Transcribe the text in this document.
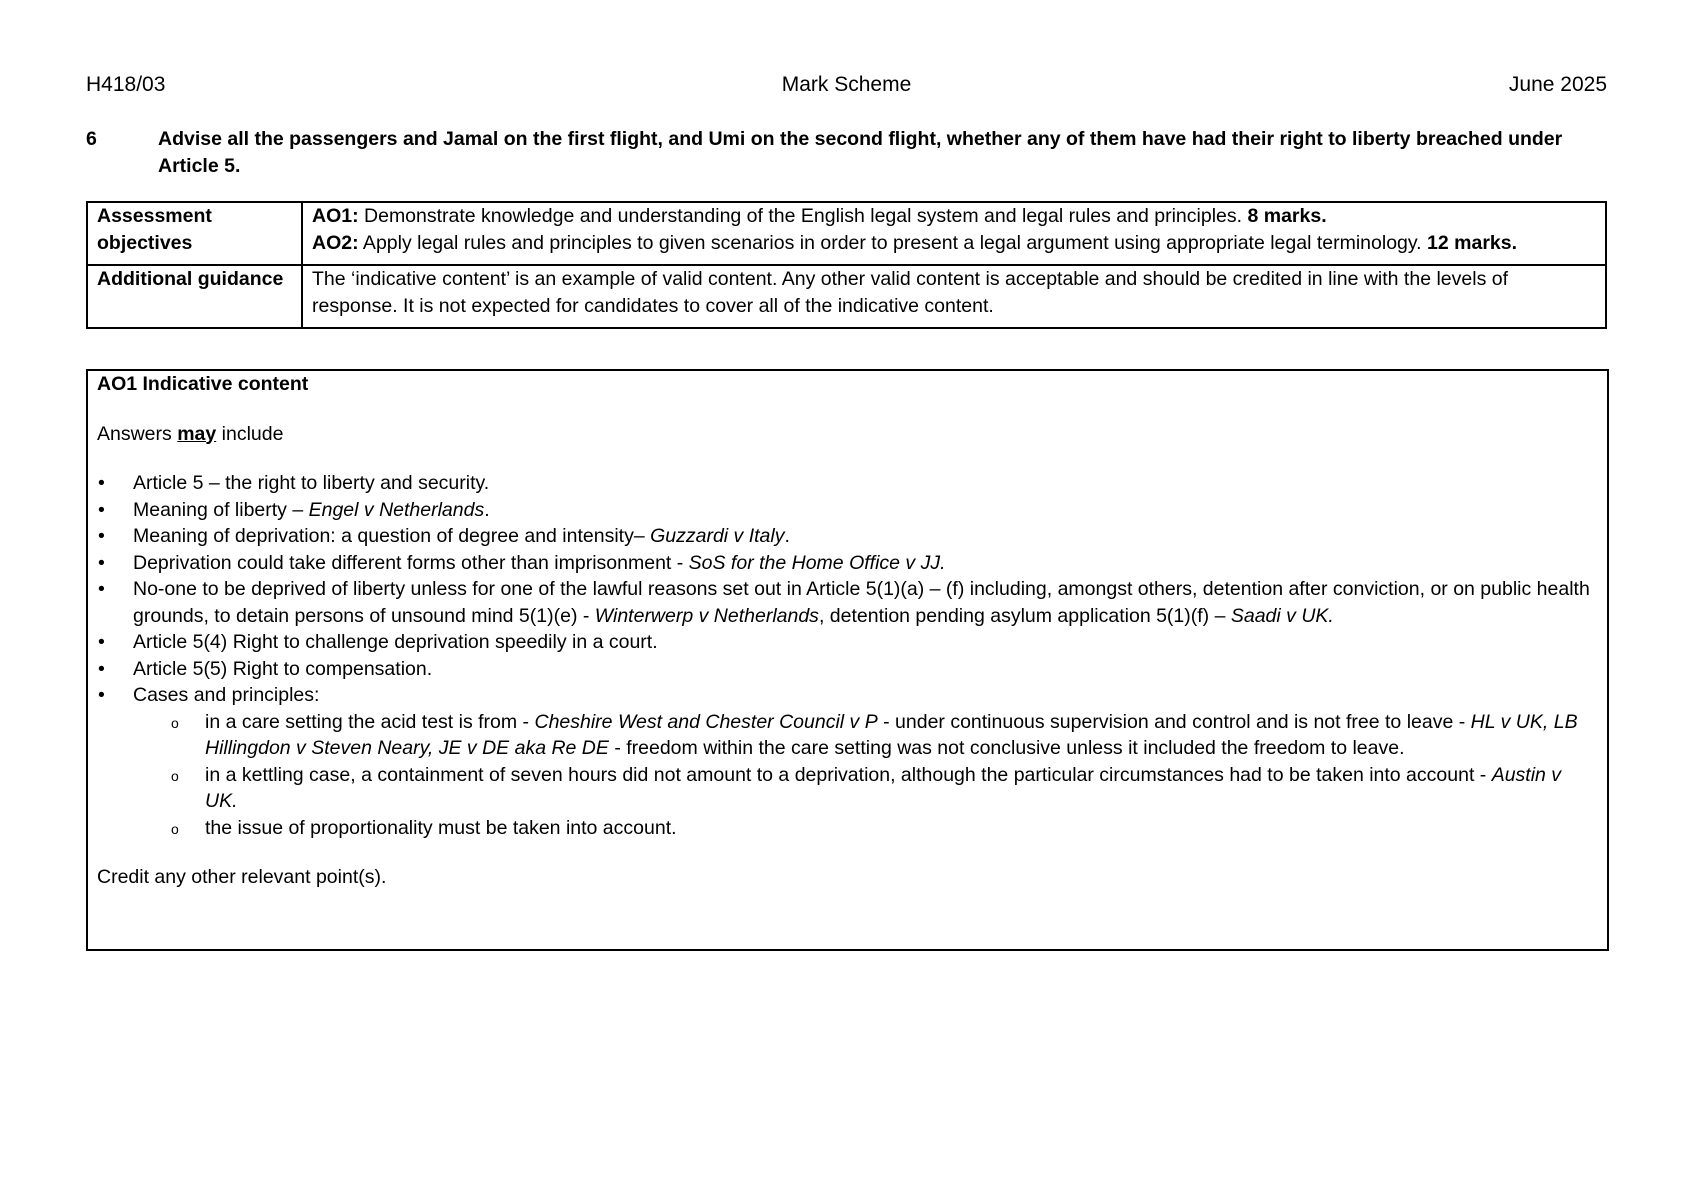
H418/03	Mark Scheme	June 2025
6	Advise all the passengers and Jamal on the first flight, and Umi on the second flight, whether any of them have had their right to liberty breached under Article 5.
Assessment objectives	AO1: Demonstrate knowledge and understanding of the English legal system and legal rules and principles. 8 marks.
AO2: Apply legal rules and principles to given scenarios in order to present a legal argument using appropriate legal terminology. 12 marks.
Additional guidance	The ‘indicative content’ is an example of valid content. Any other valid content is acceptable and should be credited in line with the levels of response. It is not expected for candidates to cover all of the indicative content.

AO1 Indicative content

Answers may include

• Article 5 – the right to liberty and security.
• Meaning of liberty – Engel v Netherlands.
• Meaning of deprivation: a question of degree and intensity– Guzzardi v Italy.
• Deprivation could take different forms other than imprisonment - SoS for the Home Office v JJ.
• No-one to be deprived of liberty unless for one of the lawful reasons set out in Article 5(1)(a) – (f) including, amongst others, detention after conviction, or on public health grounds, to detain persons of unsound mind 5(1)(e) - Winterwerp v Netherlands, detention pending asylum application 5(1)(f) – Saadi v UK.
• Article 5(4) Right to challenge deprivation speedily in a court.
• Article 5(5) Right to compensation.
• Cases and principles:
o in a care setting the acid test is from - Cheshire West and Chester Council v P - under continuous supervision and control and is not free to leave - HL v UK, LB Hillingdon v Steven Neary, JE v DE aka Re DE - freedom within the care setting was not conclusive unless it included the freedom to leave.
o in a kettling case, a containment of seven hours did not amount to a deprivation, although the particular circumstances had to be taken into account - Austin v UK.
o the issue of proportionality must be taken into account.

Credit any other relevant point(s).
